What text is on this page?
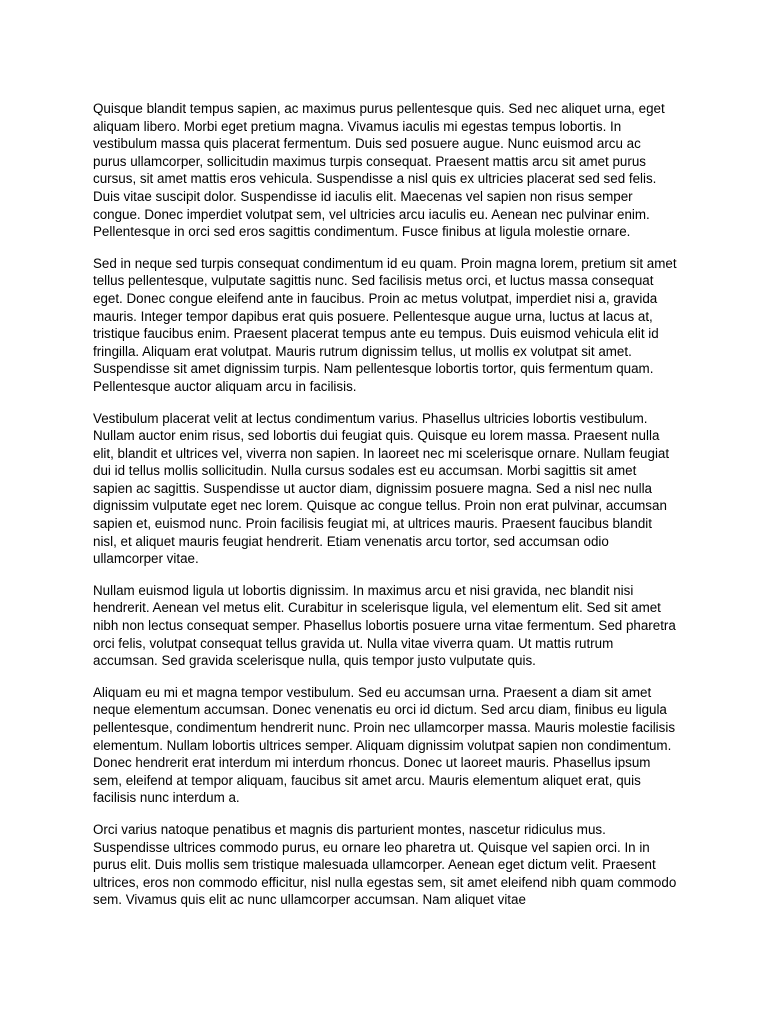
Quisque blandit tempus sapien, ac maximus purus pellentesque quis. Sed nec aliquet urna, eget aliquam libero. Morbi eget pretium magna. Vivamus iaculis mi egestas tempus lobortis. In vestibulum massa quis placerat fermentum. Duis sed posuere augue. Nunc euismod arcu ac purus ullamcorper, sollicitudin maximus turpis consequat. Praesent mattis arcu sit amet purus cursus, sit amet mattis eros vehicula. Suspendisse a nisl quis ex ultricies placerat sed sed felis. Duis vitae suscipit dolor. Suspendisse id iaculis elit. Maecenas vel sapien non risus semper congue. Donec imperdiet volutpat sem, vel ultricies arcu iaculis eu. Aenean nec pulvinar enim. Pellentesque in orci sed eros sagittis condimentum. Fusce finibus at ligula molestie ornare.

Sed in neque sed turpis consequat condimentum id eu quam. Proin magna lorem, pretium sit amet tellus pellentesque, vulputate sagittis nunc. Sed facilisis metus orci, et luctus massa consequat eget. Donec congue eleifend ante in faucibus. Proin ac metus volutpat, imperdiet nisi a, gravida mauris. Integer tempor dapibus erat quis posuere. Pellentesque augue urna, luctus at lacus at, tristique faucibus enim. Praesent placerat tempus ante eu tempus. Duis euismod vehicula elit id fringilla. Aliquam erat volutpat. Mauris rutrum dignissim tellus, ut mollis ex volutpat sit amet. Suspendisse sit amet dignissim turpis. Nam pellentesque lobortis tortor, quis fermentum quam. Pellentesque auctor aliquam arcu in facilisis.

Vestibulum placerat velit at lectus condimentum varius. Phasellus ultricies lobortis vestibulum. Nullam auctor enim risus, sed lobortis dui feugiat quis. Quisque eu lorem massa. Praesent nulla elit, blandit et ultrices vel, viverra non sapien. In laoreet nec mi scelerisque ornare. Nullam feugiat dui id tellus mollis sollicitudin. Nulla cursus sodales est eu accumsan. Morbi sagittis sit amet sapien ac sagittis. Suspendisse ut auctor diam, dignissim posuere magna. Sed a nisl nec nulla dignissim vulputate eget nec lorem. Quisque ac congue tellus. Proin non erat pulvinar, accumsan sapien et, euismod nunc. Proin facilisis feugiat mi, at ultrices mauris. Praesent faucibus blandit nisl, et aliquet mauris feugiat hendrerit. Etiam venenatis arcu tortor, sed accumsan odio ullamcorper vitae.

Nullam euismod ligula ut lobortis dignissim. In maximus arcu et nisi gravida, nec blandit nisi hendrerit. Aenean vel metus elit. Curabitur in scelerisque ligula, vel elementum elit. Sed sit amet nibh non lectus consequat semper. Phasellus lobortis posuere urna vitae fermentum. Sed pharetra orci felis, volutpat consequat tellus gravida ut. Nulla vitae viverra quam. Ut mattis rutrum accumsan. Sed gravida scelerisque nulla, quis tempor justo vulputate quis.

Aliquam eu mi et magna tempor vestibulum. Sed eu accumsan urna. Praesent a diam sit amet neque elementum accumsan. Donec venenatis eu orci id dictum. Sed arcu diam, finibus eu ligula pellentesque, condimentum hendrerit nunc. Proin nec ullamcorper massa. Mauris molestie facilisis elementum. Nullam lobortis ultrices semper. Aliquam dignissim volutpat sapien non condimentum. Donec hendrerit erat interdum mi interdum rhoncus. Donec ut laoreet mauris. Phasellus ipsum sem, eleifend at tempor aliquam, faucibus sit amet arcu. Mauris elementum aliquet erat, quis facilisis nunc interdum a.

Orci varius natoque penatibus et magnis dis parturient montes, nascetur ridiculus mus. Suspendisse ultrices commodo purus, eu ornare leo pharetra ut. Quisque vel sapien orci. In in purus elit. Duis mollis sem tristique malesuada ullamcorper. Aenean eget dictum velit. Praesent ultrices, eros non commodo efficitur, nisl nulla egestas sem, sit amet eleifend nibh quam commodo sem. Vivamus quis elit ac nunc ullamcorper accumsan. Nam aliquet vitae
